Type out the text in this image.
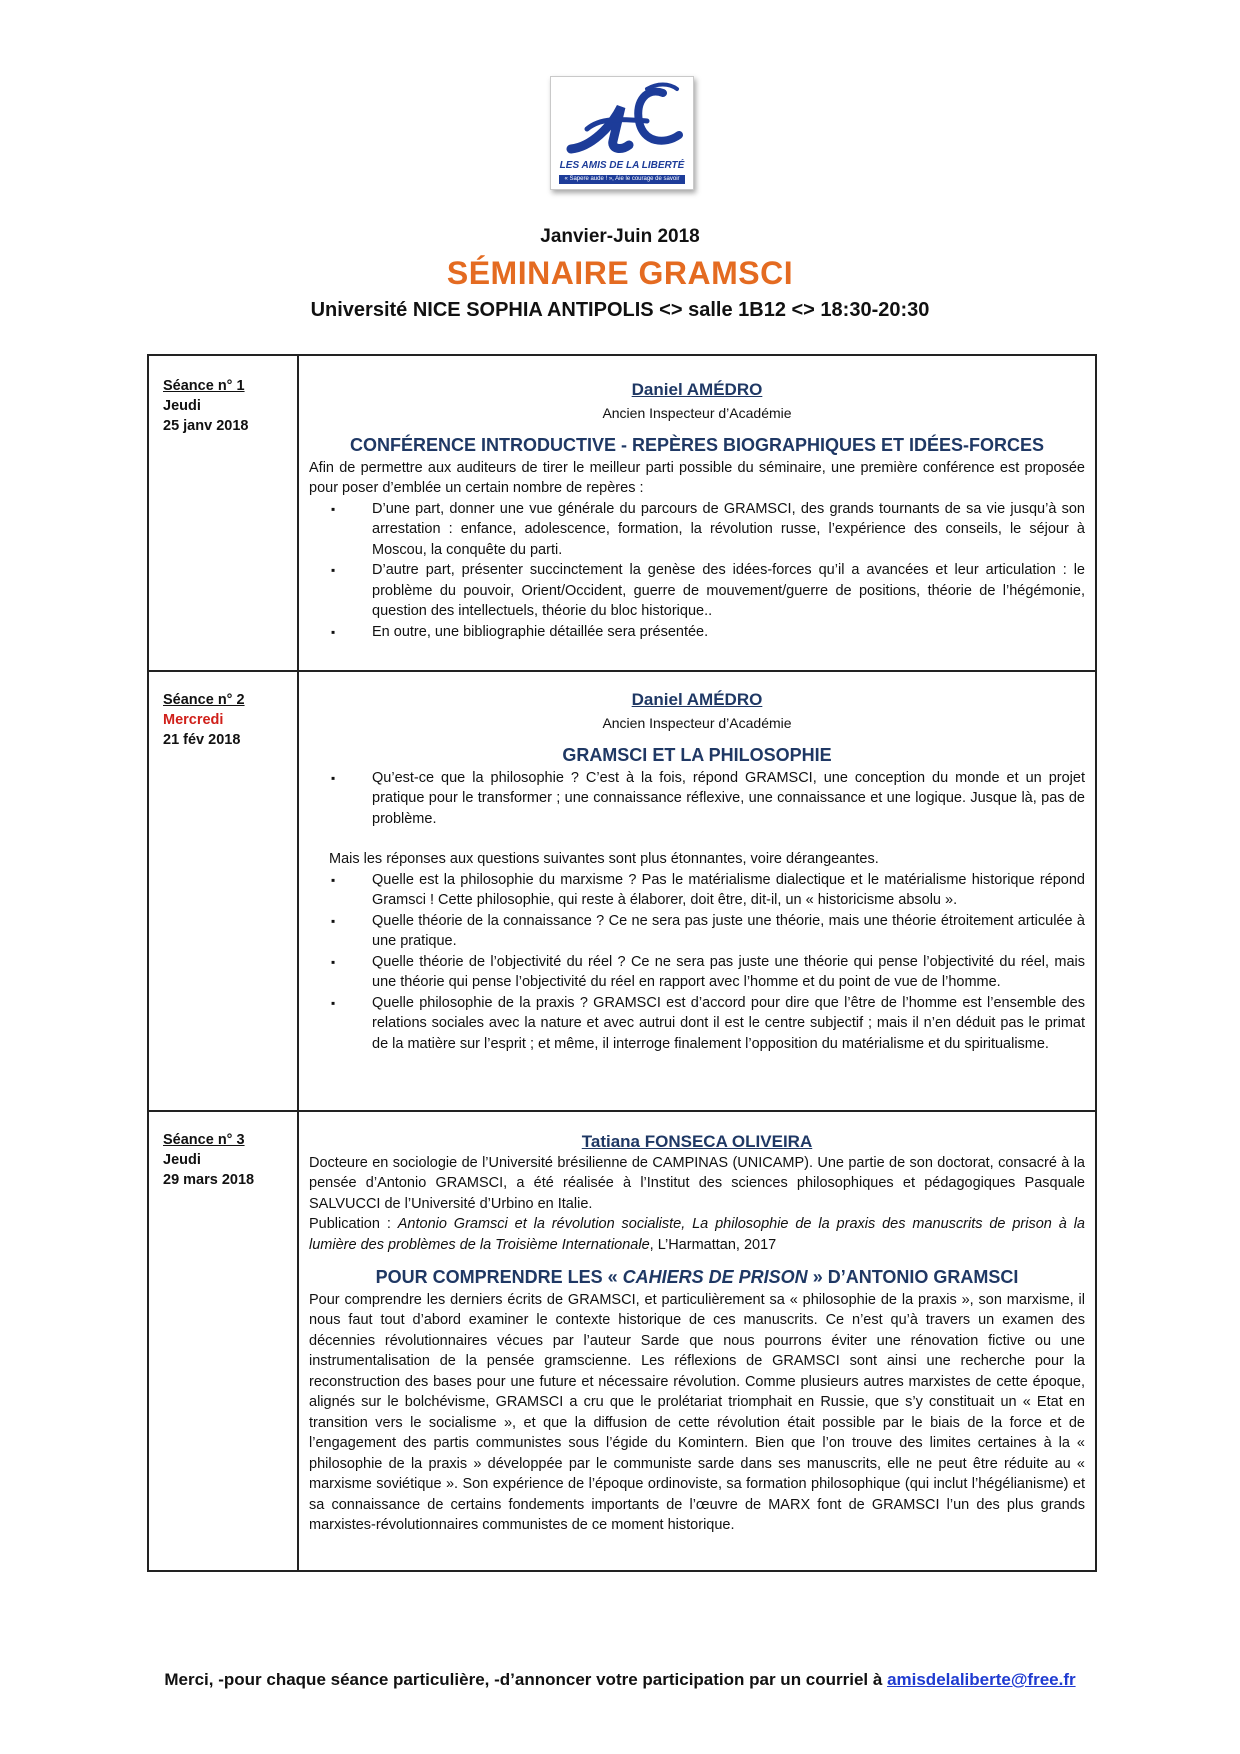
LES AMIS DE LA LIBERTÉ
« Sapere aude ! », Aie le courage de savoir
Janvier-Juin 2018
SÉMINAIRE GRAMSCI
Université NICE SOPHIA ANTIPOLIS <> salle 1B12 <> 18:30-20:30
Séance n° 1
Jeudi
25 janv 2018
Daniel AMÉDRO
Ancien Inspecteur d’Académie
CONFÉRENCE INTRODUCTIVE - REPÈRES BIOGRAPHIQUES ET IDÉES-FORCES
Afin de permettre aux auditeurs de tirer le meilleur parti possible du séminaire, une première conférence est proposée pour poser d’emblée un certain nombre de repères :
▪ D’une part, donner une vue générale du parcours de GRAMSCI, des grands tournants de sa vie jusqu’à son arrestation : enfance, adolescence, formation, la révolution russe, l’expérience des conseils, le séjour à Moscou, la conquête du parti.
▪ D’autre part, présenter succinctement la genèse des idées-forces qu’il a avancées et leur articulation : le problème du pouvoir, Orient/Occident, guerre de mouvement/guerre de positions, théorie de l’hégémonie, question des intellectuels, théorie du bloc historique..
▪ En outre, une bibliographie détaillée sera présentée.
Séance n° 2
Mercredi
21 fév 2018
Daniel AMÉDRO
Ancien Inspecteur d’Académie
GRAMSCI ET LA PHILOSOPHIE
▪ Qu’est-ce que la philosophie ? C’est à la fois, répond GRAMSCI, une conception du monde et un projet pratique pour le transformer ; une connaissance réflexive, une connaissance et une logique. Jusque là, pas de problème.
Mais les réponses aux questions suivantes sont plus étonnantes, voire dérangeantes.
▪ Quelle est la philosophie du marxisme ? Pas le matérialisme dialectique et le matérialisme historique répond Gramsci ! Cette philosophie, qui reste à élaborer, doit être, dit-il, un « historicisme absolu ».
▪ Quelle théorie de la connaissance ? Ce ne sera pas juste une théorie, mais une théorie étroitement articulée à une pratique.
▪ Quelle théorie de l’objectivité du réel ? Ce ne sera pas juste une théorie qui pense l’objectivité du réel, mais une théorie qui pense l’objectivité du réel en rapport avec l’homme et du point de vue de l’homme.
▪ Quelle philosophie de la praxis ? GRAMSCI est d’accord pour dire que l’être de l’homme est l’ensemble des relations sociales avec la nature et avec autrui dont il est le centre subjectif ; mais il n’en déduit pas le primat de la matière sur l’esprit ; et même, il interroge finalement l’opposition du matérialisme et du spiritualisme.
Séance n° 3
Jeudi
29 mars 2018
Tatiana FONSECA OLIVEIRA
Docteure en sociologie de l’Université brésilienne de CAMPINAS (UNICAMP). Une partie de son doctorat, consacré à la pensée d’Antonio GRAMSCI, a été réalisée à l’Institut des sciences philosophiques et pédagogiques Pasquale SALVUCCI de l’Université d’Urbino en Italie.
Publication : Antonio Gramsci et la révolution socialiste, La philosophie de la praxis des manuscrits de prison à la lumière des problèmes de la Troisième Internationale, L’Harmattan, 2017
POUR COMPRENDRE LES « CAHIERS DE PRISON » D’ANTONIO GRAMSCI
Pour comprendre les derniers écrits de GRAMSCI, et particulièrement sa « philosophie de la praxis », son marxisme, il nous faut tout d’abord examiner le contexte historique de ces manuscrits. Ce n’est qu’à travers un examen des décennies révolutionnaires vécues par l’auteur Sarde que nous pourrons éviter une rénovation fictive ou une instrumentalisation de la pensée gramscienne. Les réflexions de GRAMSCI sont ainsi une recherche pour la reconstruction des bases pour une future et nécessaire révolution. Comme plusieurs autres marxistes de cette époque, alignés sur le bolchévisme, GRAMSCI a cru que le prolétariat triomphait en Russie, que s’y constituait un « Etat en transition vers le socialisme », et que la diffusion de cette révolution était possible par le biais de la force et de l’engagement des partis communistes sous l’égide du Komintern. Bien que l’on trouve des limites certaines à la « philosophie de la praxis » développée par le communiste sarde dans ses manuscrits, elle ne peut être réduite au « marxisme soviétique ». Son expérience de l’époque ordinoviste, sa formation philosophique (qui inclut l’hégélianisme) et sa connaissance de certains fondements importants de l’œuvre de MARX font de GRAMSCI l’un des plus grands marxistes-révolutionnaires communistes de ce moment historique.
Merci, -pour chaque séance particulière, -d’annoncer votre participation par un courriel à amisdelaliberte@free.fr
